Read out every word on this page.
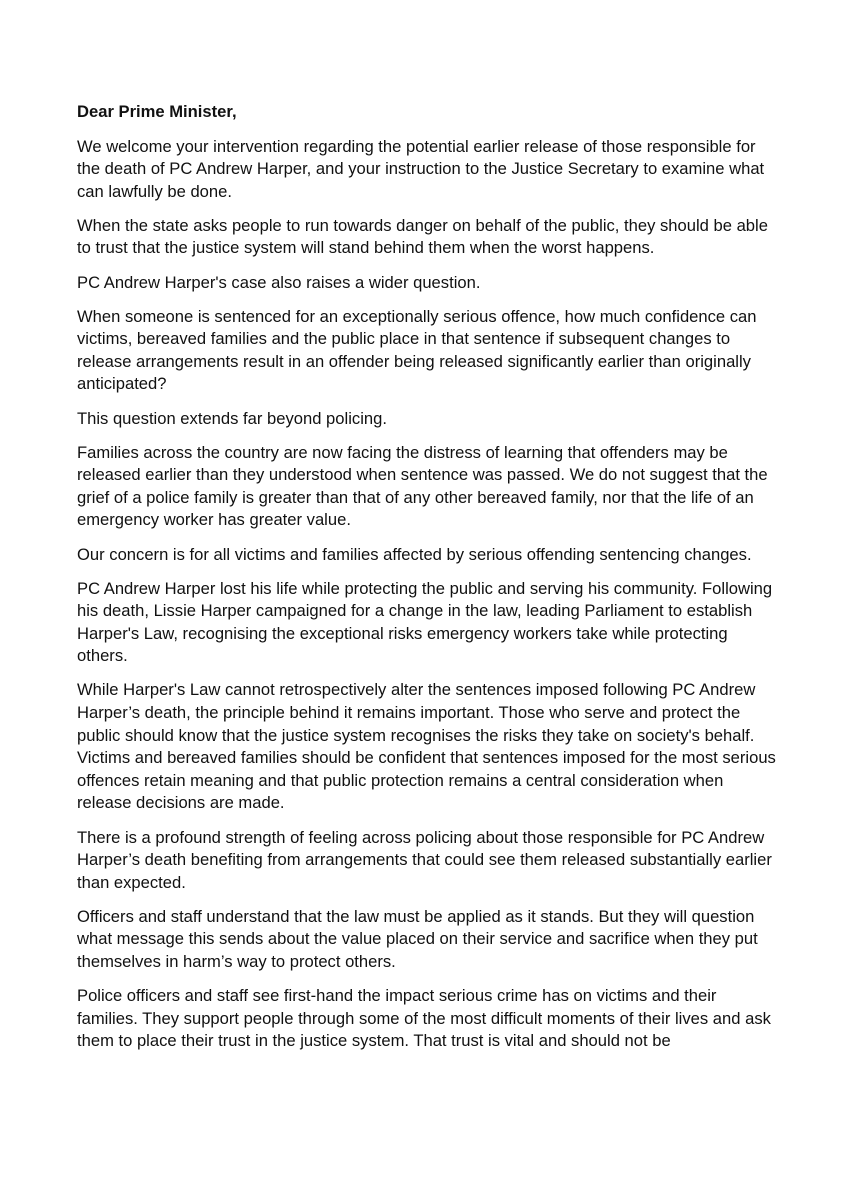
Dear Prime Minister,

We welcome your intervention regarding the potential earlier release of those responsible for the death of PC Andrew Harper, and your instruction to the Justice Secretary to examine what can lawfully be done.

When the state asks people to run towards danger on behalf of the public, they should be able to trust that the justice system will stand behind them when the worst happens.

PC Andrew Harper's case also raises a wider question.

When someone is sentenced for an exceptionally serious offence, how much confidence can victims, bereaved families and the public place in that sentence if subsequent changes to release arrangements result in an offender being released significantly earlier than originally anticipated?

This question extends far beyond policing.

Families across the country are now facing the distress of learning that offenders may be released earlier than they understood when sentence was passed. We do not suggest that the grief of a police family is greater than that of any other bereaved family, nor that the life of an emergency worker has greater value.

Our concern is for all victims and families affected by serious offending sentencing changes.

PC Andrew Harper lost his life while protecting the public and serving his community. Following his death, Lissie Harper campaigned for a change in the law, leading Parliament to establish Harper's Law, recognising the exceptional risks emergency workers take while protecting others.

While Harper's Law cannot retrospectively alter the sentences imposed following PC Andrew Harper’s death, the principle behind it remains important. Those who serve and protect the public should know that the justice system recognises the risks they take on society's behalf. Victims and bereaved families should be confident that sentences imposed for the most serious offences retain meaning and that public protection remains a central consideration when release decisions are made.

There is a profound strength of feeling across policing about those responsible for PC Andrew Harper’s death benefiting from arrangements that could see them released substantially earlier than expected.

Officers and staff understand that the law must be applied as it stands. But they will question what message this sends about the value placed on their service and sacrifice when they put themselves in harm’s way to protect others.

Police officers and staff see first-hand the impact serious crime has on victims and their families. They support people through some of the most difficult moments of their lives and ask them to place their trust in the justice system. That trust is vital and should not be
